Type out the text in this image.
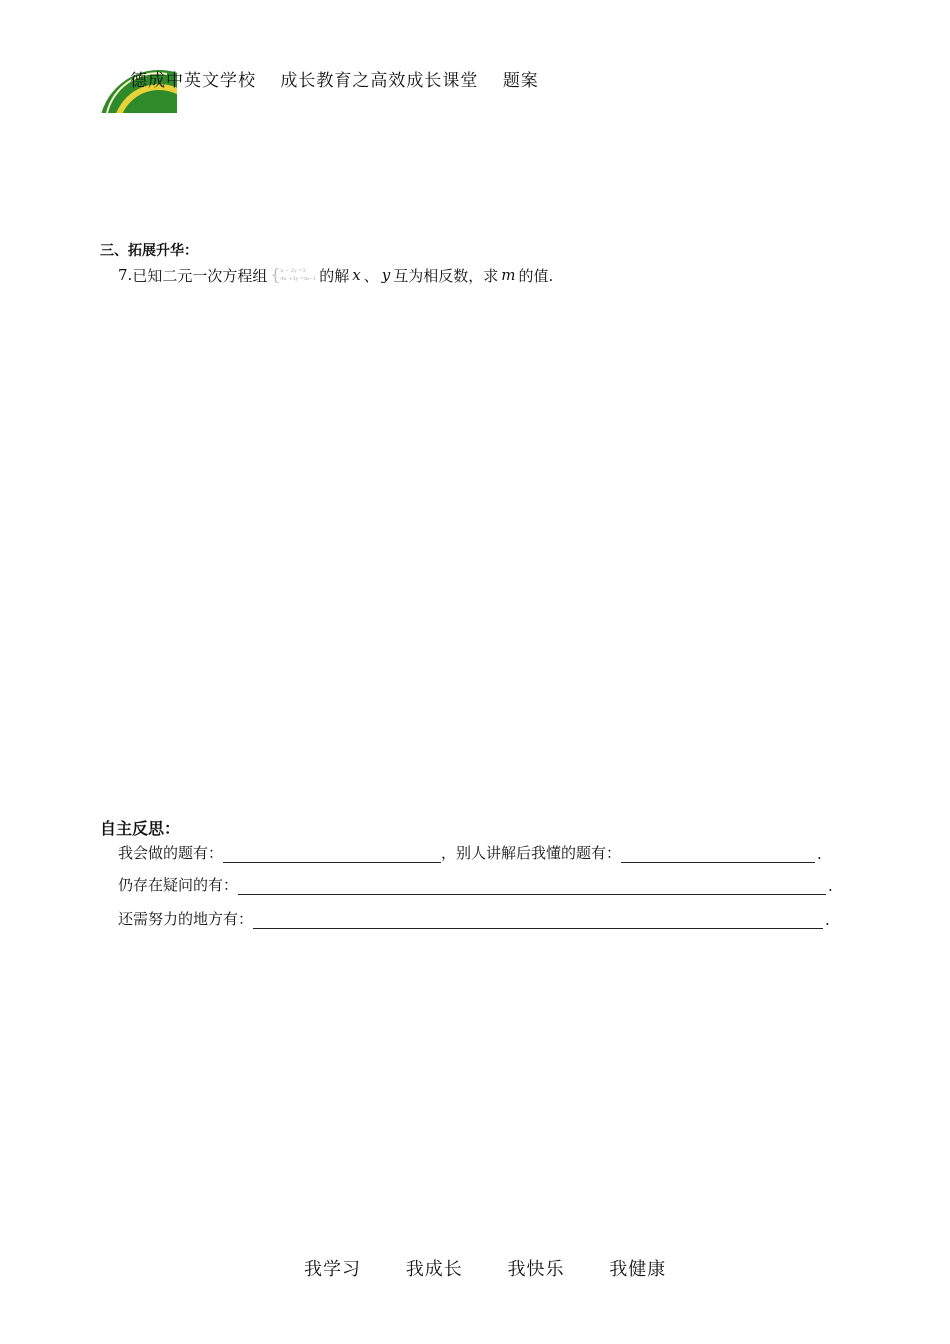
德成中英文学校 成长教育之高效成长课堂 题案
三、拓展升华：
7. 已知二元一次方程组 { x − 2y =3
4x +3y =m−1 的解 x 、 y 互为相反数，求 m 的值.
自主反思：
我会做的题有：	，别人讲解后我懂的题有：	.
仍存在疑问的有：	.
还需努力的地方有：	.
我学习 我成长 我快乐 我健康
